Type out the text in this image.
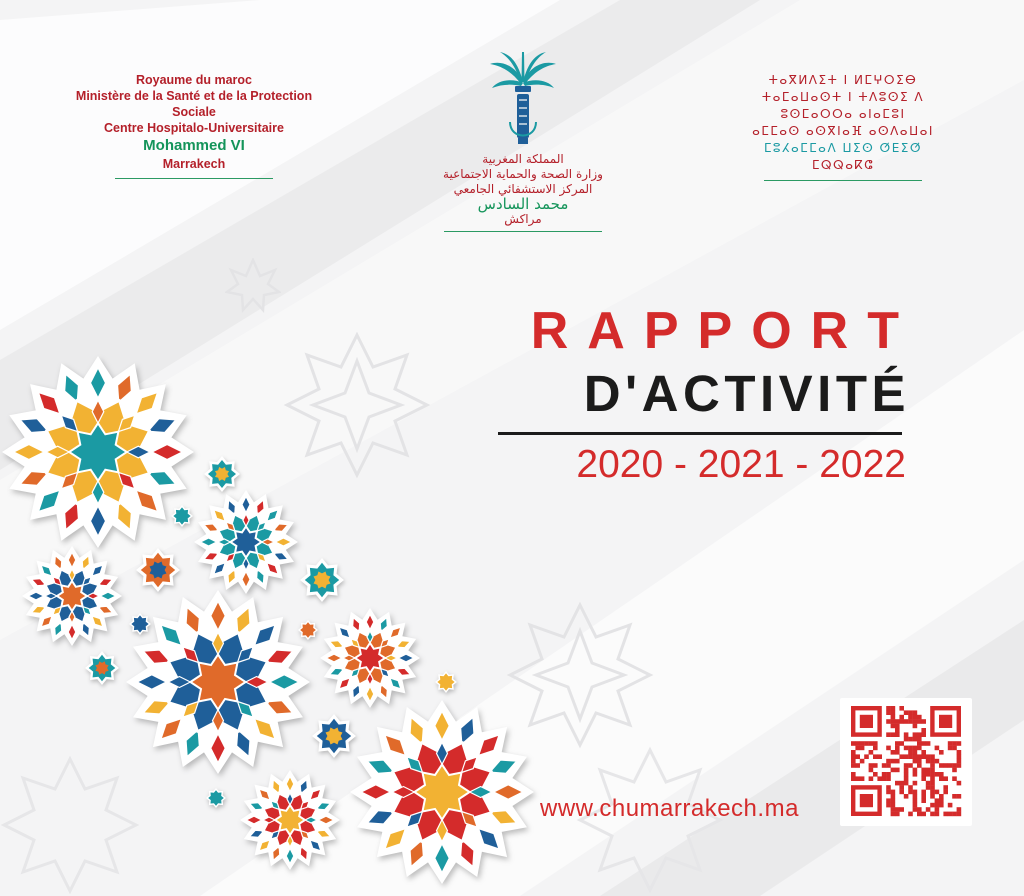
Royaume du maroc
Ministère de la Santé et de la Protection Sociale
Centre Hospitalo-Universitaire
Mohammed VI
Marrakech	المملكة المغربية
وزارة الصحة والحماية الاجتماعية
المركز الاستشفائي الجامعي
محمد السادس
مراكش
ⵜⴰⴳⵍⴷⵉⵜ ⵏ ⵍⵎⵖⵔⵉⴱ
ⵜⴰⵎⴰⵡⴰⵙⵜ ⵏ ⵜⴷⵓⵙⵉ ⴷ ⵓⵙⵎⴰⵔⵔⴰ ⴰⵏⴰⵎⵓⵏ
ⴰⵎⵎⴰⵙ ⴰⵙⴳⵏⴰⴼ ⴰⵙⴷⴰⵡⴰⵏ
ⵎⵓⵃⴰⵎⵎⴰⴷ ⵡⵉⵙ ⵚⴹⵉⵚ
ⵎⵕⵕⴰⴽⵛ
RAPPORT
D'ACTIVITÉ
2020 - 2021 - 2022
www.chumarrakech.ma
